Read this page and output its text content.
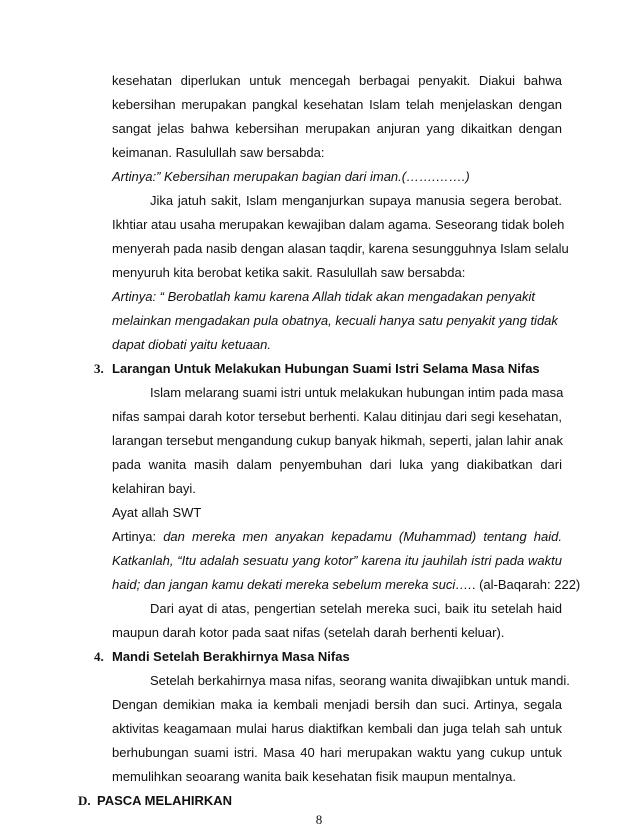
kesehatan diperlukan untuk mencegah berbagai penyakit. Diakui bahwa
kebersihan merupakan pangkal kesehatan Islam telah menjelaskan dengan
sangat jelas bahwa kebersihan merupakan anjuran yang dikaitkan dengan
keimanan. Rasulullah saw bersabda:
Artinya:” Kebersihan merupakan bagian dari iman.(…….…….)
Jika jatuh sakit, Islam menganjurkan supaya manusia segera berobat.
Ikhtiar atau usaha merupakan kewajiban dalam agama. Seseorang tidak boleh
menyerah pada nasib dengan alasan taqdir, karena sesungguhnya Islam selalu
menyuruh kita berobat ketika sakit. Rasulullah saw bersabda:
Artinya: “ Berobatlah kamu karena Allah tidak akan mengadakan penyakit
melainkan mengadakan pula obatnya, kecuali hanya satu penyakit yang tidak
dapat diobati yaitu ketuaan.
3. Larangan Untuk Melakukan Hubungan Suami Istri Selama Masa Nifas
Islam melarang suami istri untuk melakukan hubungan intim pada masa
nifas sampai darah kotor tersebut berhenti. Kalau ditinjau dari segi kesehatan,
larangan tersebut mengandung cukup banyak hikmah, seperti, jalan lahir anak
pada wanita masih dalam penyembuhan dari luka yang diakibatkan dari
kelahiran bayi.
Ayat allah SWT
Artinya: dan mereka men anyakan kepadamu (Muhammad) tentang haid.
Katkanlah, “Itu adalah sesuatu yang kotor” karena itu jauhilah istri pada waktu
haid; dan jangan kamu dekati mereka sebelum mereka suci….. (al-Baqarah: 222)
Dari ayat di atas, pengertian setelah mereka suci, baik itu setelah haid
maupun darah kotor pada saat nifas (setelah darah berhenti keluar).
4. Mandi Setelah Berakhirnya Masa Nifas
Setelah berkahirnya masa nifas, seorang wanita diwajibkan untuk mandi.
Dengan demikian maka ia kembali menjadi bersih dan suci. Artinya, segala
aktivitas keagamaan mulai harus diaktifkan kembali dan juga telah sah untuk
berhubungan suami istri. Masa 40 hari merupakan waktu yang cukup untuk
memulihkan seoarang wanita baik kesehatan fisik maupun mentalnya.
D. PASCA MELAHIRKAN
8
